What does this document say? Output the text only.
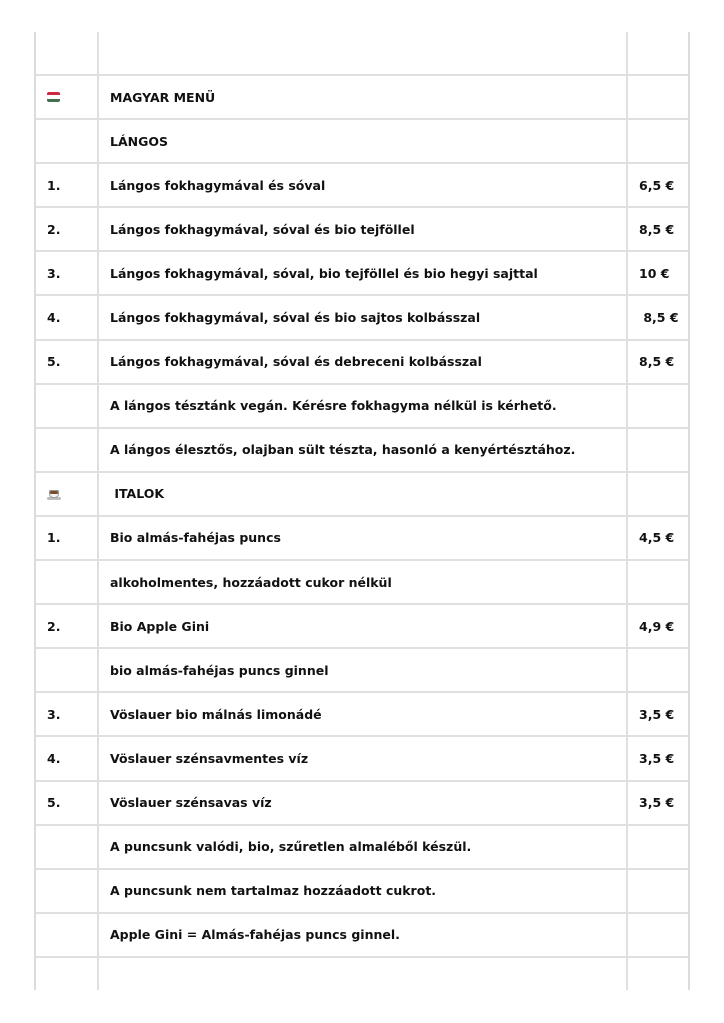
MAGYAR MENÜ
LÁNGOS
1.	Lángos fokhagymával és sóval	6,5 €
2.	Lángos fokhagymával, sóval és bio tejföllel	8,5 €
3.	Lángos fokhagymával, sóval, bio tejföllel és bio hegyi sajttal	10 €
4.	Lángos fokhagymával, sóval és bio sajtos kolbásszal	8,5 €
5.	Lángos fokhagymával, sóval és debreceni kolbásszal	8,5 €
A lángos tésztánk vegán. Kérésre fokhagyma nélkül is kérhető.
A lángos élesztős, olajban sült tészta, hasonló a kenyértésztához.
ITALOK
1.	Bio almás-fahéjas puncs	4,5 €
alkoholmentes, hozzáadott cukor nélkül
2.	Bio Apple Gini	4,9 €
bio almás-fahéjas puncs ginnel
3.	Vöslauer bio málnás limonádé	3,5 €
4.	Vöslauer szénsavmentes víz	3,5 €
5.	Vöslauer szénsavas víz	3,5 €
A puncsunk valódi, bio, szűretlen almaléből készül.
A puncsunk nem tartalmaz hozzáadott cukrot.
Apple Gini = Almás-fahéjas puncs ginnel.
